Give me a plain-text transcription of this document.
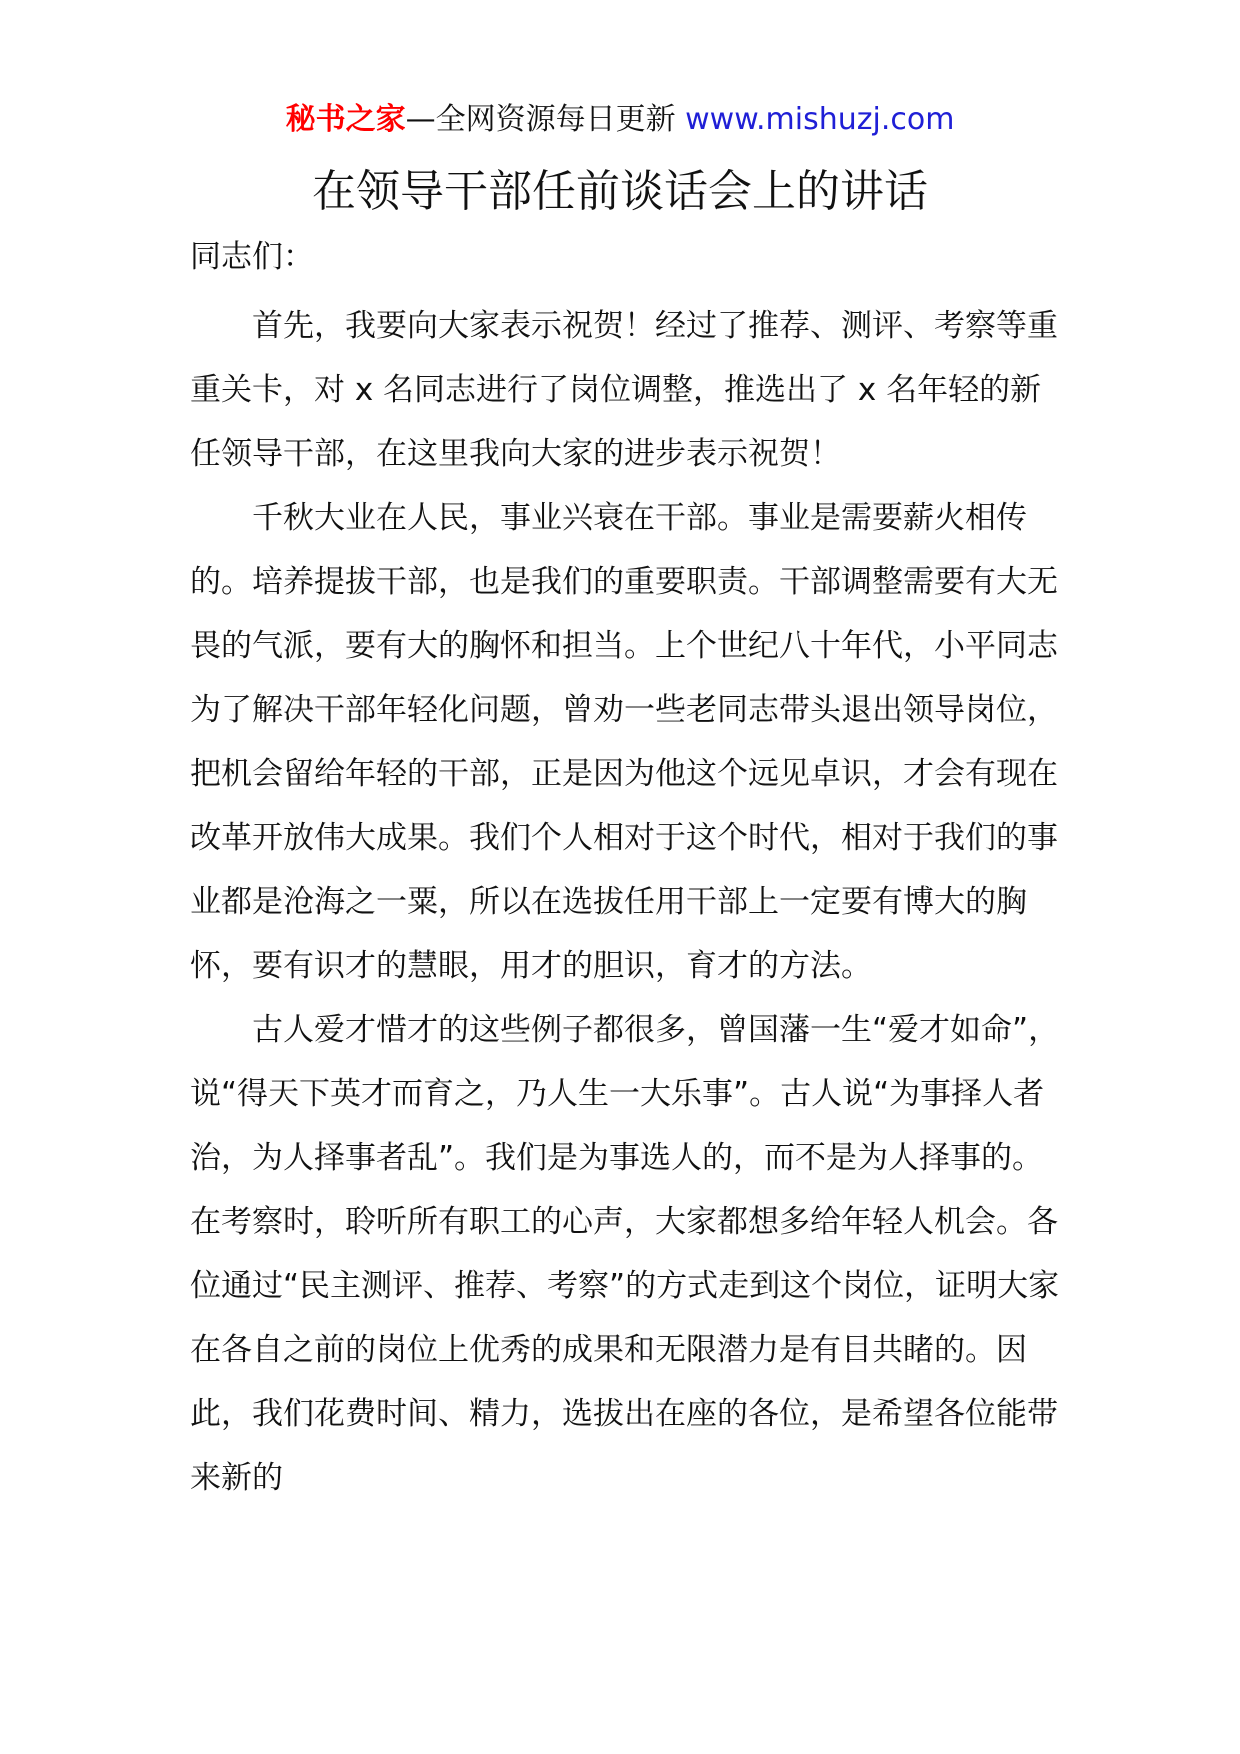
秘书之家—全网资源每日更新 www.mishuzj.com
在领导干部任前谈话会上的讲话

同志们：

首先，我要向大家表示祝贺！经过了推荐、测评、考察等重重关卡，对 x 名同志进行了岗位调整，推选出了 x 名年轻的新任领导干部，在这里我向大家的进步表示祝贺！

千秋大业在人民，事业兴衰在干部。事业是需要薪火相传的。培养提拔干部，也是我们的重要职责。干部调整需要有大无畏的气派，要有大的胸怀和担当。上个世纪八十年代，小平同志为了解决干部年轻化问题，曾劝一些老同志带头退出领导岗位，把机会留给年轻的干部，正是因为他这个远见卓识，才会有现在改革开放伟大成果。我们个人相对于这个时代，相对于我们的事业都是沧海之一粟，所以在选拔任用干部上一定要有博大的胸怀，要有识才的慧眼，用才的胆识，育才的方法。

古人爱才惜才的这些例子都很多，曾国藩一生“爱才如命”，说“得天下英才而育之，乃人生一大乐事”。古人说“为事择人者治，为人择事者乱”。我们是为事选人的，而不是为人择事的。在考察时，聆听所有职工的心声，大家都想多给年轻人机会。各位通过“民主测评、推荐、考察”的方式走到这个岗位，证明大家在各自之前的岗位上优秀的成果和无限潜力是有目共睹的。因此，我们花费时间、精力，选拔出在座的各位，是希望各位能带来新的
